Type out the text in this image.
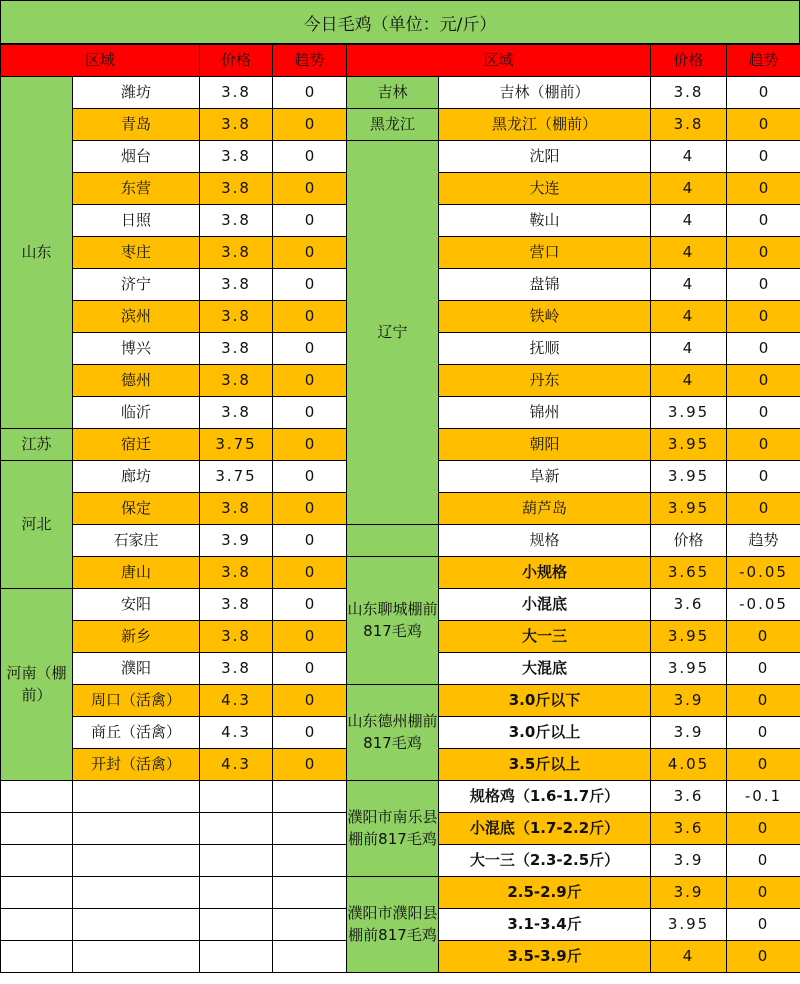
今日毛鸡（单位：元/斤）
区域		价格	趋势
山东	潍坊	3.8	0
	青岛	3.8	0
	烟台	3.8	0
	东营	3.8	0
	日照	3.8	0
	枣庄	3.8	0
	济宁	3.8	0
	滨州	3.8	0
	博兴	3.8	0
	德州	3.8	0
	临沂	3.8	0
江苏	宿迁	3.75	0
河北	廊坊	3.75	0
	保定	3.8	0
	石家庄	3.9	0
	唐山	3.8	0
河南（棚前）	安阳	3.8	0
	新乡	3.8	0
	濮阳	3.8	0
	周口（活禽）	4.3	0
	商丘（活禽）	4.3	0
	开封（活禽）	4.3	0

区域		价格	趋势
吉林	吉林（棚前）	3.8	0
黑龙江	黑龙江（棚前）	3.8	0
辽宁	沈阳	4	0
	大连	4	0
	鞍山	4	0
	营口	4	0
	盘锦	4	0
	铁岭	4	0
	抚顺	4	0
	丹东	4	0
	锦州	3.95	0
	朝阳	3.95	0
	阜新	3.95	0
	葫芦岛	3.95	0
	规格	价格	趋势
山东聊城棚前817毛鸡	小规格	3.65	-0.05
	小混底	3.6	-0.05
	大一三	3.95	0
	大混底	3.95	0
山东德州棚前817毛鸡	3.0斤以下	3.9	0
	3.0斤以上	3.9	0
	3.5斤以上	4.05	0
濮阳市南乐县棚前817毛鸡	规格鸡（1.6-1.7斤）	3.6	-0.1
	小混底（1.7-2.2斤）	3.6	0
	大一三（2.3-2.5斤）	3.9	0
濮阳市濮阳县棚前817毛鸡	2.5-2.9斤	3.9	0
	3.1-3.4斤	3.95	0
	3.5-3.9斤	4	0
